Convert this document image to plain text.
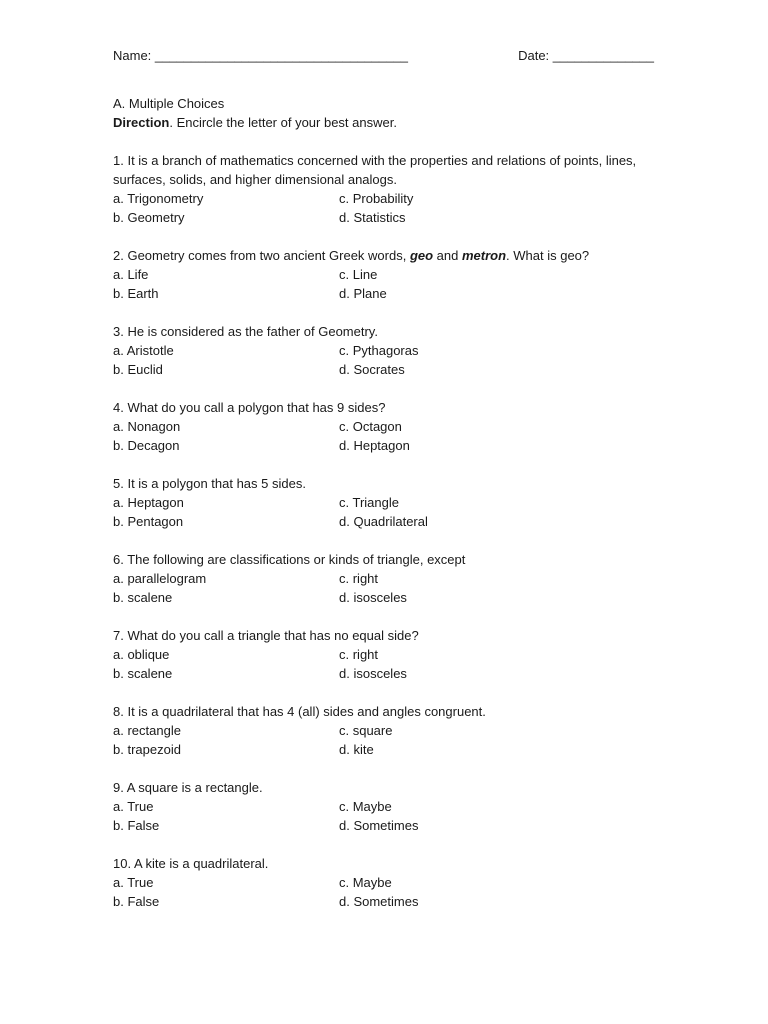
Name: ___________________________________	Date: ______________
A. Multiple Choices
Direction. Encircle the letter of your best answer.
1. It is a branch of mathematics concerned with the properties and relations of points, lines, surfaces, solids, and higher dimensional analogs.
a. Trigonometry	c. Probability
b. Geometry	d. Statistics
2. Geometry comes from two ancient Greek words, geo and metron. What is geo?
a. Life	c. Line
b. Earth	d. Plane
3. He is considered as the father of Geometry.
a. Aristotle	c. Pythagoras
b. Euclid	d. Socrates
4. What do you call a polygon that has 9 sides?
a. Nonagon	c. Octagon
b. Decagon	d. Heptagon
5. It is a polygon that has 5 sides.
a. Heptagon	c. Triangle
b. Pentagon	d. Quadrilateral
6. The following are classifications or kinds of triangle, except
a. parallelogram	c. right
b. scalene	d. isosceles
7. What do you call a triangle that has no equal side?
a. oblique	c. right
b. scalene	d. isosceles
8. It is a quadrilateral that has 4 (all) sides and angles congruent.
a. rectangle	c. square
b. trapezoid	d. kite
9. A square is a rectangle.
a. True	c. Maybe
b. False	d. Sometimes
10. A kite is a quadrilateral.
a. True	c. Maybe
b. False	d. Sometimes
